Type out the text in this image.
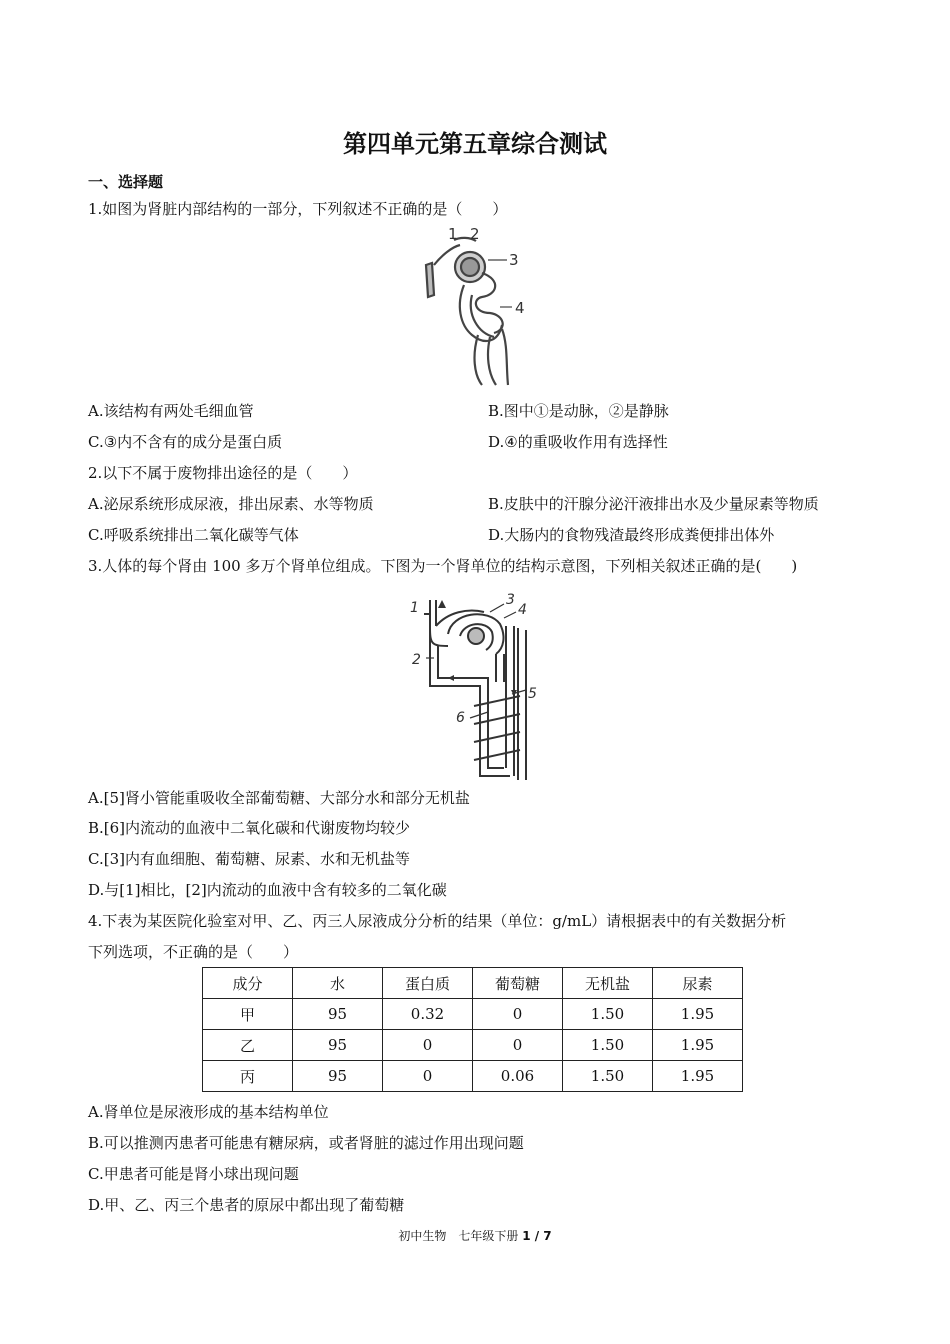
第四单元第五章综合测试
一、选择题
1.如图为肾脏内部结构的一部分，下列叙述不正确的是（　　）
1 2
3
4
A.该结构有两处毛细血管	B.图中①是动脉，②是静脉
C.③内不含有的成分是蛋白质	D.④的重吸收作用有选择性
2.以下不属于废物排出途径的是（　　）
A.泌尿系统形成尿液，排出尿素、水等物质	B.皮肤中的汗腺分泌汗液排出水及少量尿素等物质
C.呼吸系统排出二氧化碳等气体	D.大肠内的食物残渣最终形成粪便排出体外
3.人体的每个肾由 100 多万个肾单位组成。下图为一个肾单位的结构示意图，下列相关叙述正确的是(　　)
1
2
3
4
5
6
A.[5]肾小管能重吸收全部葡萄糖、大部分水和部分无机盐
B.[6]内流动的血液中二氧化碳和代谢废物均较少
C.[3]内有血细胞、葡萄糖、尿素、水和无机盐等
D.与[1]相比，[2]内流动的血液中含有较多的二氧化碳
4.下表为某医院化验室对甲、乙、丙三人尿液成分分析的结果（单位：g/mL）请根据表中的有关数据分析
下列选项，不正确的是（　　）
成分	水	蛋白质	葡萄糖	无机盐	尿素
甲	95	0.32	0	1.50	1.95
乙	95	0	0	1.50	1.95
丙	95	0	0.06	1.50	1.95
A.肾单位是尿液形成的基本结构单位
B.可以推测丙患者可能患有糖尿病，或者肾脏的滤过作用出现问题
C.甲患者可能是肾小球出现问题
D.甲、乙、丙三个患者的原尿中都出现了葡萄糖
初中生物　七年级下册 1 / 7
